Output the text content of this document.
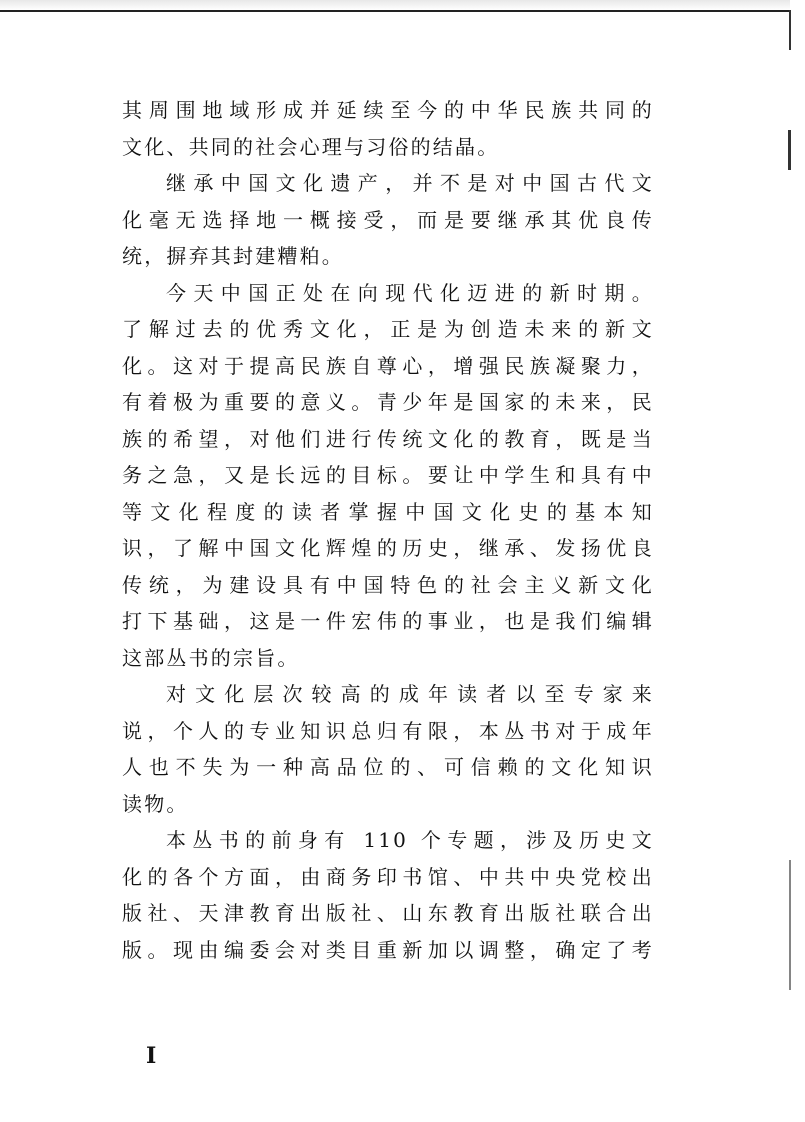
其周围地域形成并延续至今的中华民族共同的
文化、共同的社会心理与习俗的结晶。
继承中国文化遗产，并不是对中国古代文
化毫无选择地一概接受，而是要继承其优良传
统，摒弃其封建糟粕。
今天中国正处在向现代化迈进的新时期。
了解过去的优秀文化，正是为创造未来的新文
化。这对于提高民族自尊心，增强民族凝聚力，
有着极为重要的意义。青少年是国家的未来，民
族的希望，对他们进行传统文化的教育，既是当
务之急，又是长远的目标。要让中学生和具有中
等文化程度的读者掌握中国文化史的基本知
识，了解中国文化辉煌的历史，继承、发扬优良
传统，为建设具有中国特色的社会主义新文化
打下基础，这是一件宏伟的事业，也是我们编辑
这部丛书的宗旨。
对文化层次较高的成年读者以至专家来
说，个人的专业知识总归有限，本丛书对于成年
人也不失为一种高品位的、可信赖的文化知识
读物。
本丛书的前身有 110 个专题，涉及历史文
化的各个方面，由商务印书馆、中共中央党校出
版社、天津教育出版社、山东教育出版社联合出
版。现由编委会对类目重新加以调整，确定了考
I
